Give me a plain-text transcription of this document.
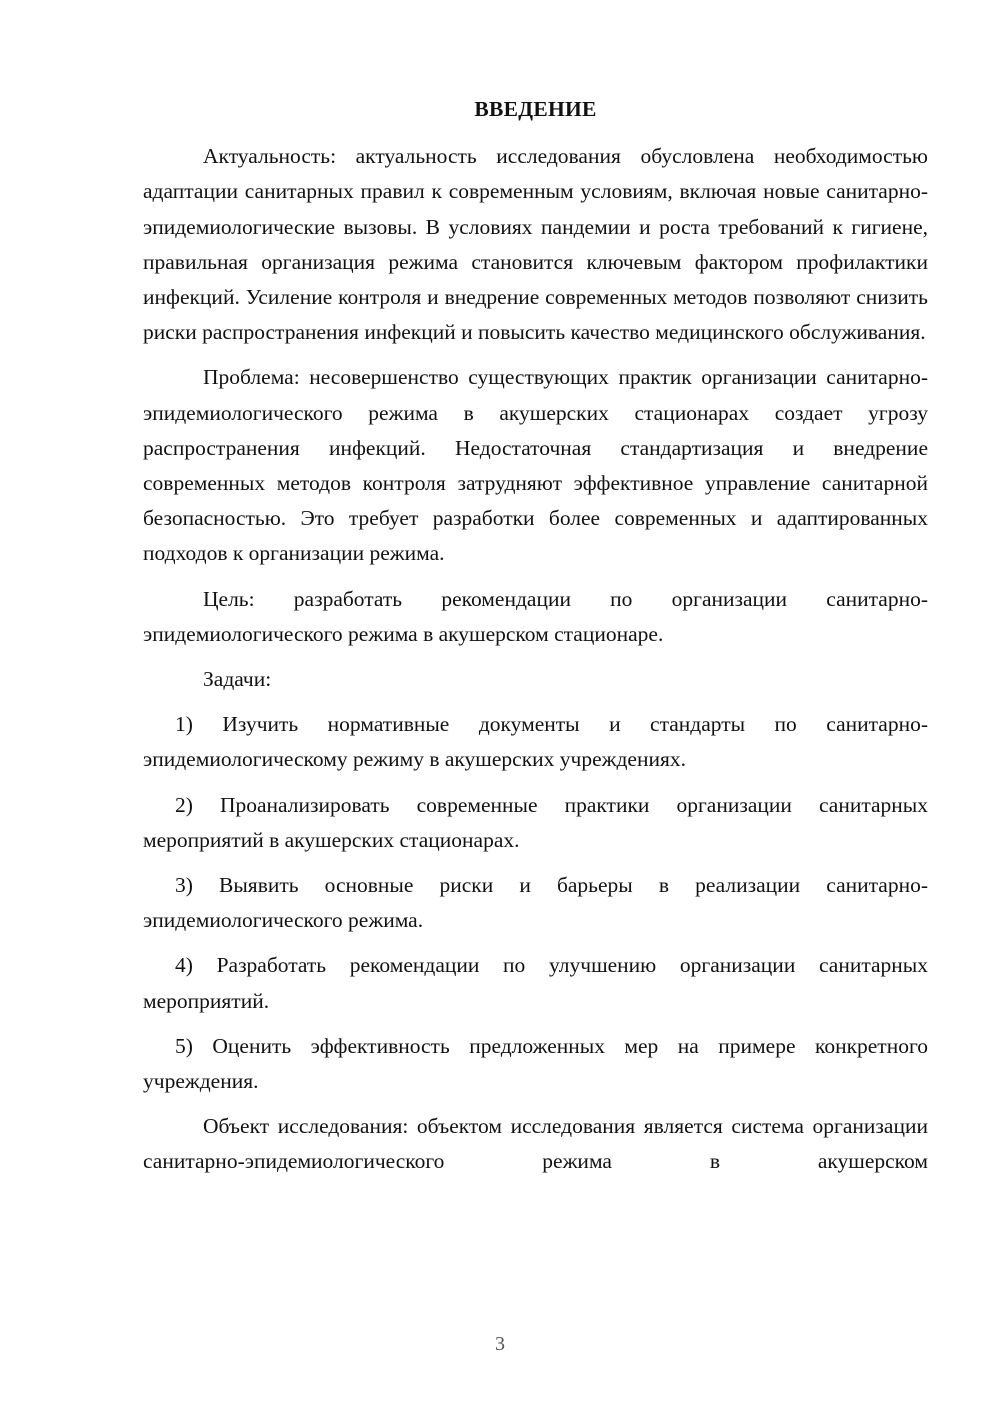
ВВЕДЕНИЕ

Актуальность: актуальность исследования обусловлена необходимостью адаптации санитарных правил к современным условиям, включая новые санитарно-эпидемиологические вызовы. В условиях пандемии и роста требований к гигиене, правильная организация режима становится ключевым фактором профилактики инфекций. Усиление контроля и внедрение современных методов позволяют снизить риски распространения инфекций и повысить качество медицинского обслуживания.

Проблема: несовершенство существующих практик организации санитарно-эпидемиологического режима в акушерских стационарах создает угрозу распространения инфекций. Недостаточная стандартизация и внедрение современных методов контроля затрудняют эффективное управление санитарной безопасностью. Это требует разработки более современных и адаптированных подходов к организации режима.

Цель: разработать рекомендации по организации санитарно-эпидемиологического режима в акушерском стационаре.

Задачи:

1) Изучить нормативные документы и стандарты по санитарно-эпидемиологическому режиму в акушерских учреждениях.

2) Проанализировать современные практики организации санитарных мероприятий в акушерских стационарах.

3) Выявить основные риски и барьеры в реализации санитарно-эпидемиологического режима.

4) Разработать рекомендации по улучшению организации санитарных мероприятий.

5) Оценить эффективность предложенных мер на примере конкретного учреждения.

Объект исследования: объектом исследования является система организации санитарно-эпидемиологического режима в акушерском

3
